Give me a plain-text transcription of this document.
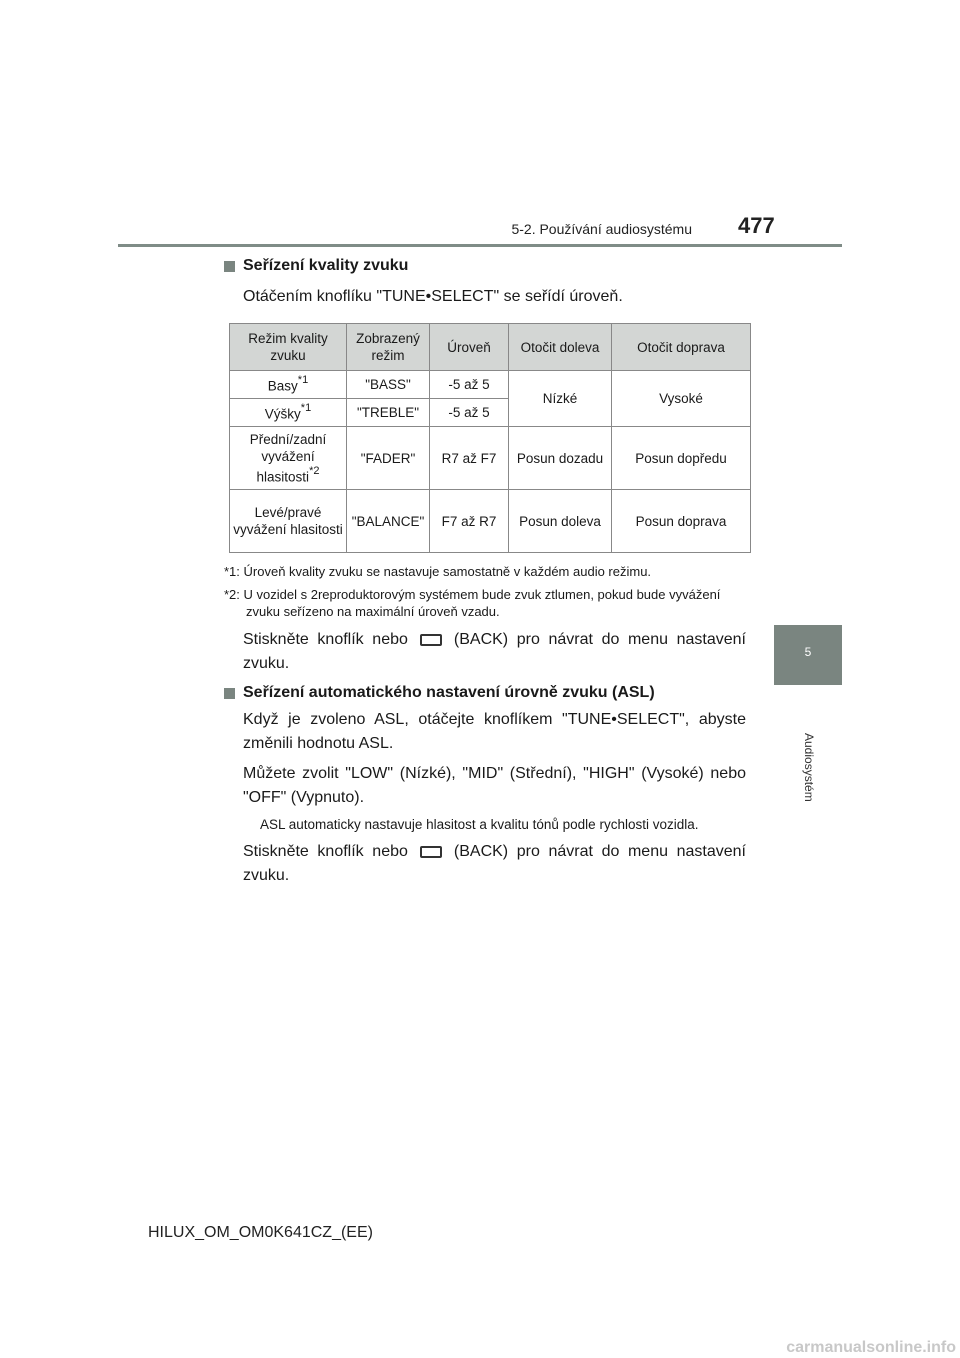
5-2. Používání audiosystému 477
5
Audiosystém
Seřízení kvality zvuku
Otáčením knoflíku "TUNE•SELECT" se seřídí úroveň.
Režim kvality zvuku	Zobrazený režim	Úroveň	Otočit doleva	Otočit doprava
Basy$^{*1}$	"BASS"	-5 až 5	Nízké	Vysoké
Výšky$^{*1}$	"TREBLE"	-5 až 5		
Přední/zadní vyvážení hlasitosti$^{*2}$	"FADER"	R7 až F7	Posun dozadu	Posun dopředu
Levé/pravé vyvážení hlasitosti	"BALANCE"	F7 až R7	Posun doleva	Posun doprava
*1: Úroveň kvality zvuku se nastavuje samostatně v každém audio režimu.
*2: U vozidel s 2reproduktorovým systémem bude zvuk ztlumen, pokud bude vyvážení zvuku seřízeno na maximální úroveň vzadu.
Stiskněte knoflík nebo	(BACK) pro návrat do menu nastavení zvuku.
Seřízení automatického nastavení úrovně zvuku (ASL)
Když je zvoleno ASL, otáčejte knoflíkem "TUNE•SELECT", abyste změnili hodnotu ASL.
Můžete zvolit "LOW" (Nízké), "MID" (Střední), "HIGH" (Vysoké) nebo "OFF" (Vypnuto).
ASL automaticky nastavuje hlasitost a kvalitu tónů podle rychlosti vozidla.
Stiskněte knoflík nebo	(BACK) pro návrat do menu nastavení zvuku.
HILUX_OM_OM0K641CZ_(EE)
carmanualsonline.info
